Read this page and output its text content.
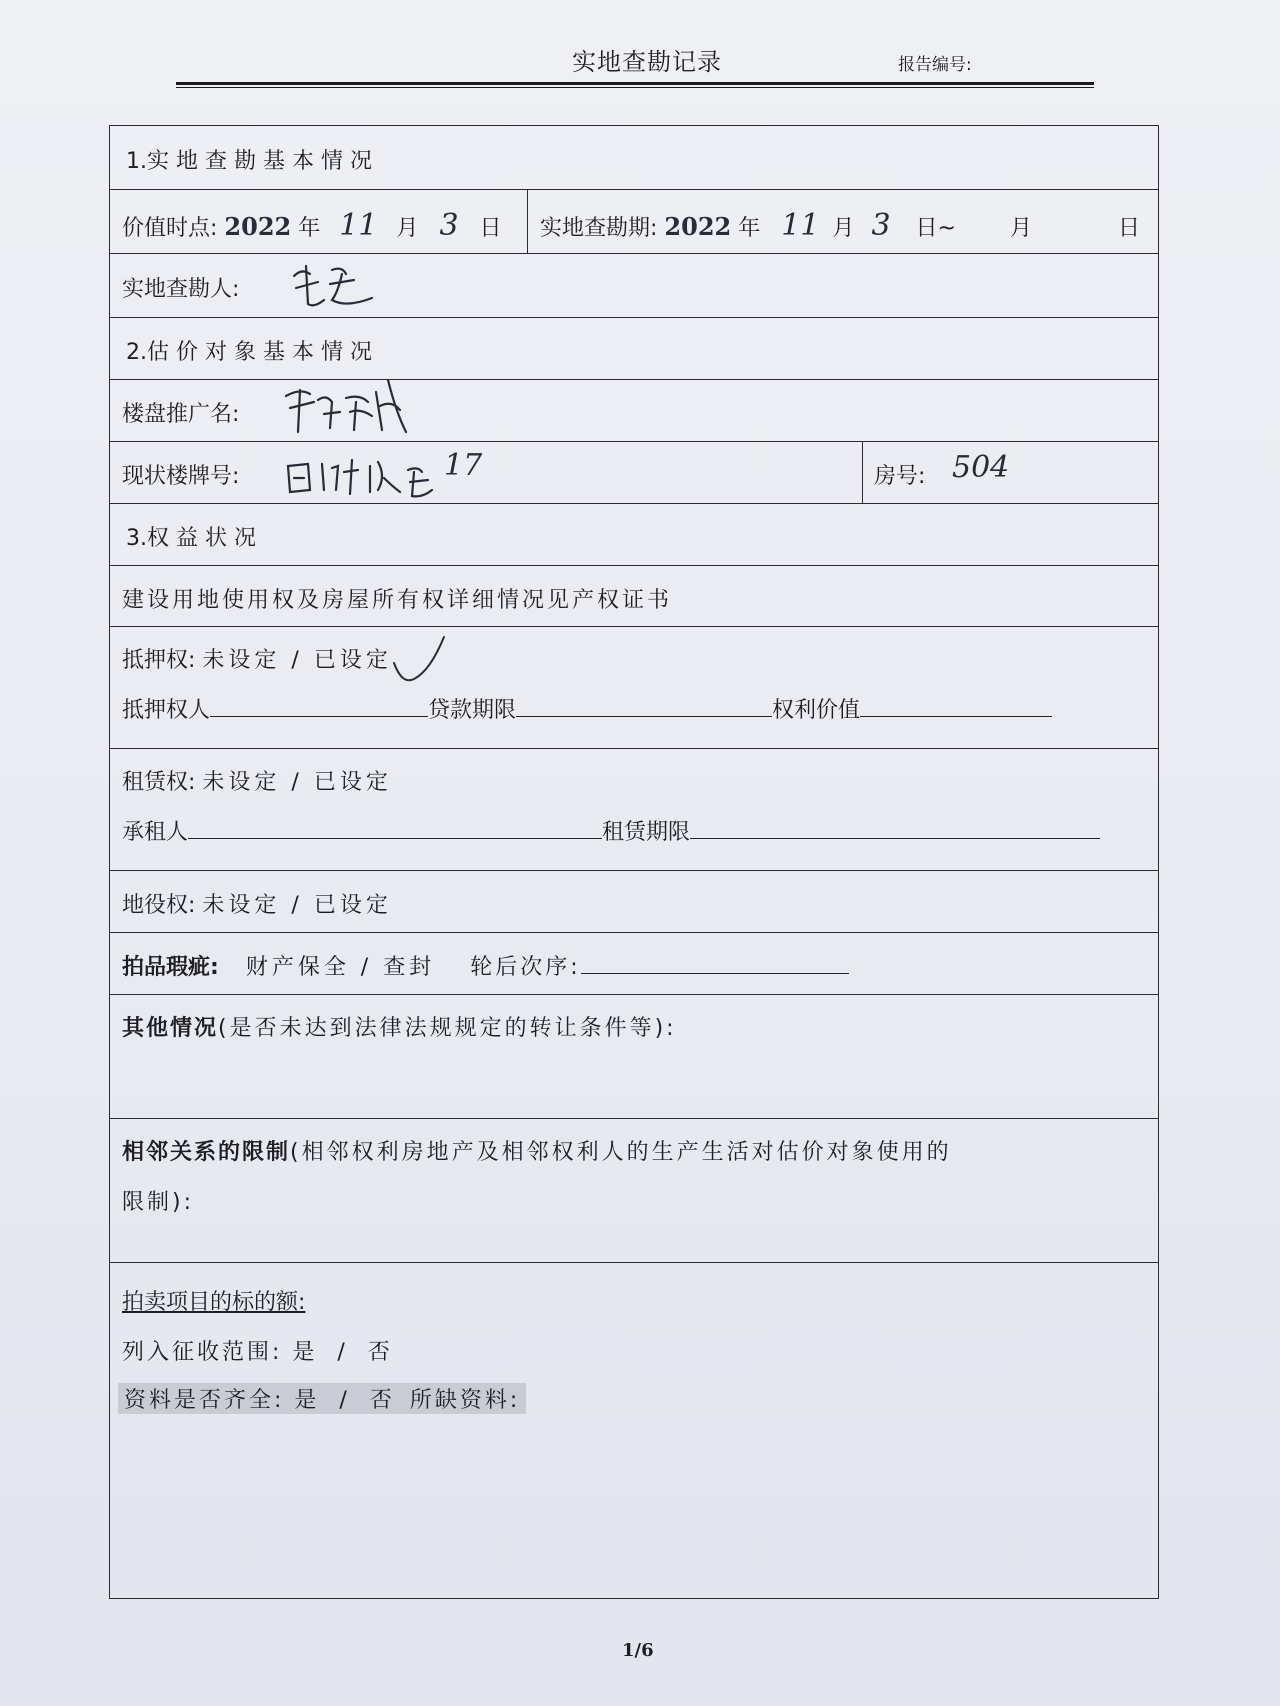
实地查勘记录	报告编号:
1.实 地 查 勘 基 本 情 况
价值时点: 2022 年 11 月 3 日 实地查勘期: 2022 年 11 月 3 日~ 月	日
实地查勘人:
2.估 价 对 象 基 本 情 况
楼盘推广名:
现状楼牌号:	17	房号: 504
3.权 益 状 况
建设用地使用权及房屋所有权详细情况见产权证书
抵押权: 未设定 / 已设定
抵押权人	贷款期限	权利价值
租赁权: 未设定 / 已设定
承租人	租赁期限
地役权: 未设定 / 已设定
拍品瑕疵: 财产保全 / 查封 轮后次序:
其他情况(是否未达到法律法规规定的转让条件等):
相邻关系的限制(相邻权利房地产及相邻权利人的生产生活对估价对象使用的
限制):
拍卖项目的标的额:
列入征收范围: 是 / 否
资料是否齐全: 是 / 否 所缺资料:
1/6
